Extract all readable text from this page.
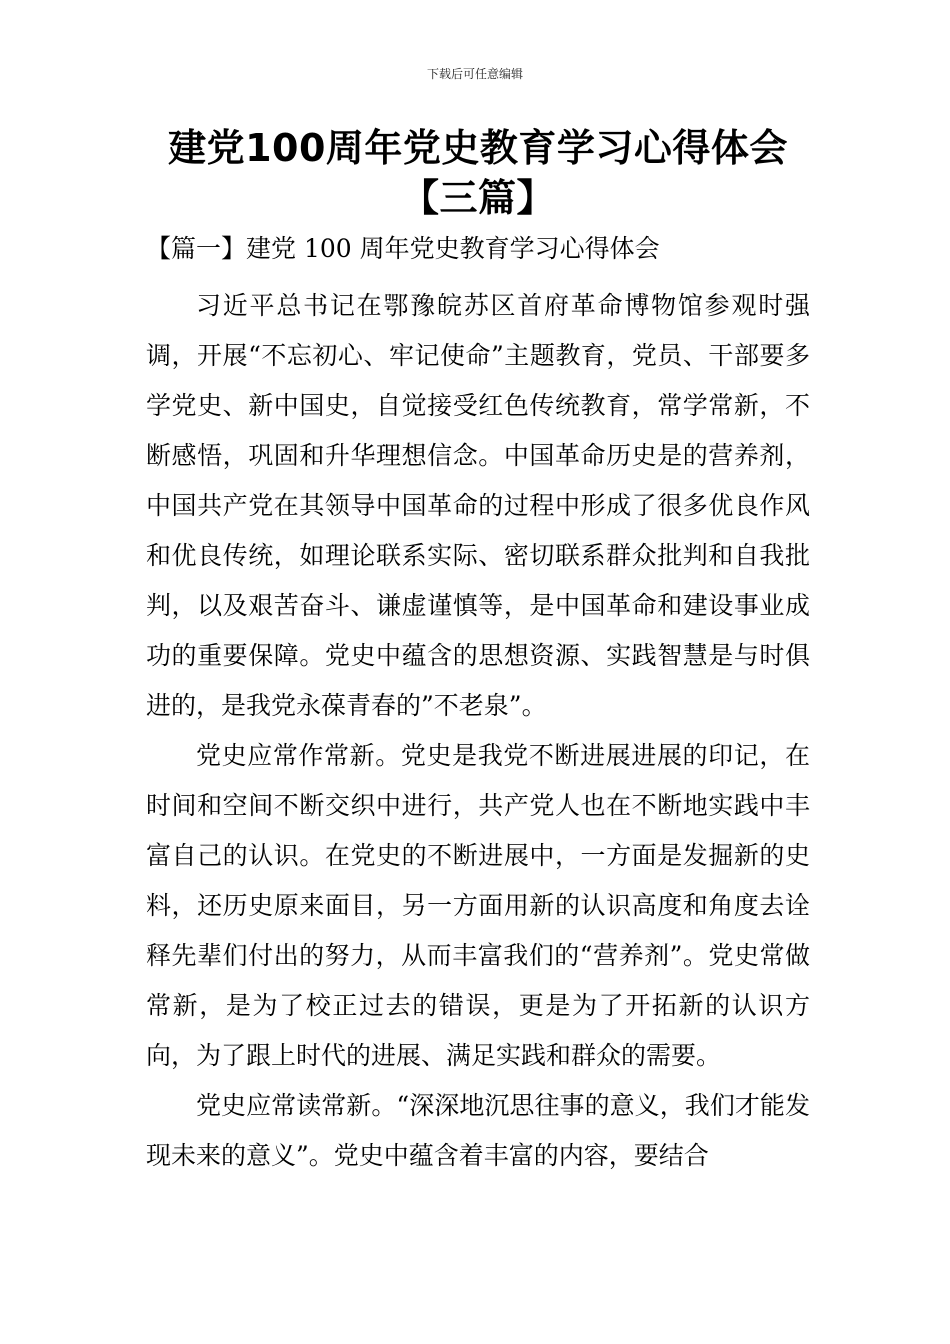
下载后可任意编辑
建党100周年党史教育学习心得体会【三篇】
【篇一】建党 100 周年党史教育学习心得体会

习近平总书记在鄂豫皖苏区首府革命博物馆参观时强调，开展“不忘初心、牢记使命”主题教育，党员、干部要多学党史、新中国史，自觉接受红色传统教育，常学常新，不断感悟，巩固和升华理想信念。中国革命历史是的营养剂，中国共产党在其领导中国革命的过程中形成了很多优良作风和优良传统，如理论联系实际、密切联系群众批判和自我批判，以及艰苦奋斗、谦虚谨慎等，是中国革命和建设事业成功的重要保障。党史中蕴含的思想资源、实践智慧是与时俱进的，是我党永葆青春的”不老泉”。

党史应常作常新。党史是我党不断进展进展的印记，在时间和空间不断交织中进行，共产党人也在不断地实践中丰富自己的认识。在党史的不断进展中，一方面是发掘新的史料，还历史原来面目，另一方面用新的认识高度和角度去诠释先辈们付出的努力，从而丰富我们的“营养剂”。党史常做常新，是为了校正过去的错误，更是为了开拓新的认识方向，为了跟上时代的进展、满足实践和群众的需要。

党史应常读常新。“深深地沉思往事的意义，我们才能发现未来的意义”。党史中蕴含着丰富的内容，要结合
